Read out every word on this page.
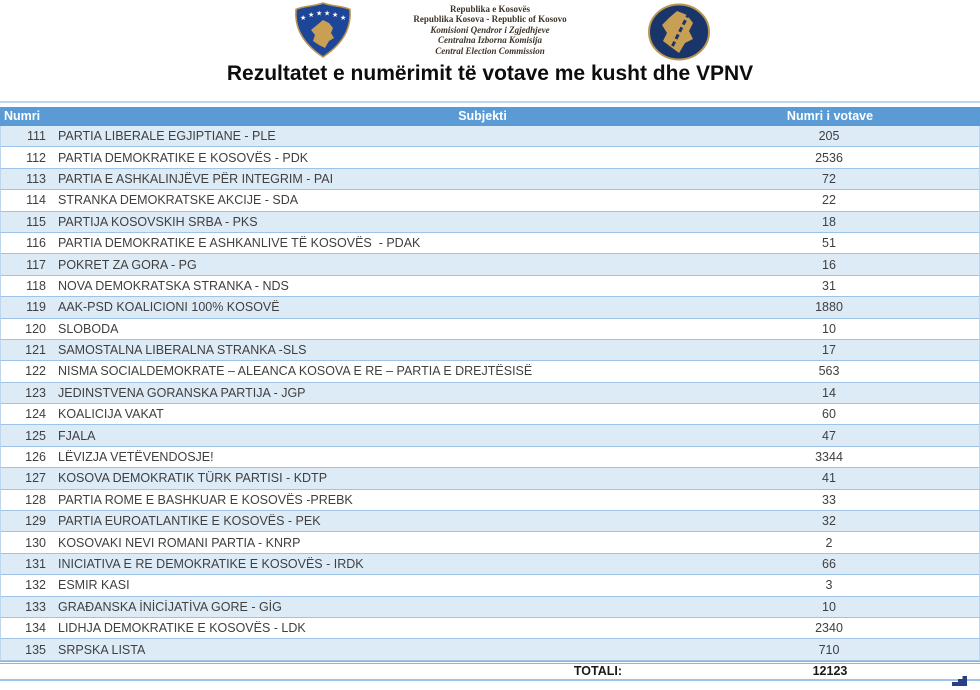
★ ★ ★ ★ ★ ★
Republika e Kosovës
Republika Kosova - Republic of Kosovo
Komisioni Qendror i Zgjedhjeve
Centralna Izborna Komisija
Central Election Commission
Rezultatet e numërimit të votave me kusht dhe VPNV
Numri	Subjekti	Numri i votave
111 PARTIA LIBERALE EGJIPTIANE - PLE	205
112 PARTIA DEMOKRATIKE E KOSOVËS - PDK	2536
113 PARTIA E ASHKALINJËVE PËR INTEGRIM - PAI	72
114 STRANKA DEMOKRATSKE AKCIJE - SDA	22
115 PARTIJA KOSOVSKIH SRBA - PKS	18
116 PARTIA DEMOKRATIKE E ASHKANLIVE TË KOSOVËS  - PDAK	51
117 POKRET ZA GORA - PG	16
118 NOVA DEMOKRATSKA STRANKA - NDS	31
119 AAK-PSD KOALICIONI 100% KOSOVË	1880
120 SLOBODA	10
121 SAMOSTALNA LIBERALNA STRANKA -SLS	17
122 NISMA SOCIALDEMOKRATE – ALEANCA KOSOVA E RE – PARTIA E DREJTËSISË	563
123 JEDINSTVENA GORANSKA PARTIJA - JGP	14
124 KOALICIJA VAKAT	60
125 FJALA	47
126 LËVIZJA VETËVENDOSJE!	3344
127 KOSOVA DEMOKRATIK TÜRK PARTISI - KDTP	41
128 PARTIA ROME E BASHKUAR E KOSOVËS -PREBK	33
129 PARTIA EUROATLANTIKE E KOSOVËS - PEK	32
130 KOSOVAKI NEVI ROMANI PARTIA - KNRP	2
131 INICIATIVA E RE DEMOKRATIKE E KOSOVËS - IRDK	66
132 ESMIR KASI	3
133 GRAĐANSKA İNİCİJATİVA GORE - GİG	10
134 LIDHJA DEMOKRATIKE E KOSOVËS - LDK	2340
135 SRPSKA LISTA	710
TOTALI:	12123
